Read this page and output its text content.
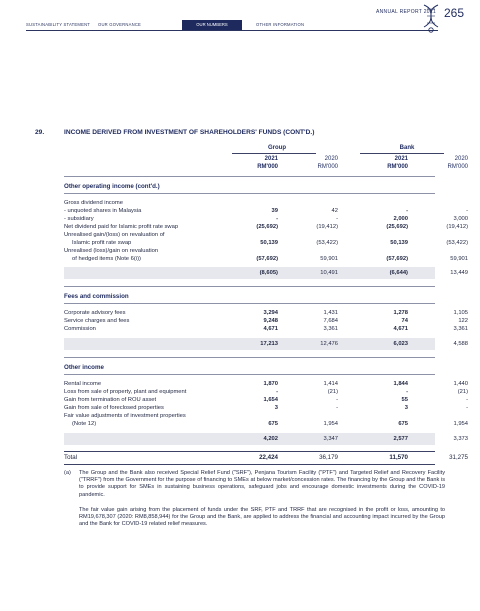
SUSTAINABILITY STATEMENT OUR GOVERNANCE	OUR NUMBERS	OTHER INFORMATION
ANNUAL REPORT 2021 265
29.	INCOME DERIVED FROM INVESTMENT OF SHAREHOLDERS' FUNDS (CONT'D.)
Group	Bank
2021	2020	2021	2020
RM'000	RM'000	RM'000	RM'000
Other operating income (cont'd.)
Gross dividend income
- unquoted shares in Malaysia	39	42	-	-
- subsidiary	-	-	2,000	3,000
Net dividend paid for Islamic profit rate swap	(25,692)	(19,412)	(25,692)	(19,412)
Unrealised gain/(loss) on revaluation of
Islamic profit rate swap	50,139	(53,422)	50,139	(53,422)
Unrealised (loss)/gain on revaluation
of hedged items (Note 6(i))	(57,692)	59,901	(57,692)	59,901
(8,605)	10,491	(6,644)	13,449
Fees and commission
Corporate advisory fees	3,294	1,431	1,278	1,105
Service charges and fees	9,248	7,684	74	122
Commission	4,671	3,361	4,671	3,361
17,213	12,476	6,023	4,588
Other income
Rental income	1,870	1,414	1,844	1,440
Loss from sale of property, plant and equipment	-	(21)	-	(21)
Gain from termination of ROU asset	1,654	-	55	-
Gain from sale of foreclosed properties	3	-	3	-
Fair value adjustments of investment properties
(Note 12)	675	1,954	675	1,954
4,202	3,347	2,577	3,373
Total	22,424	36,179	11,570	31,275
(a) The Group and the Bank also received Special Relief Fund ("SRF"), Penjana Tourism Facility ("PTF") and Targeted Relief and Recovery Facility ("TRRF") from the Government for the purpose of financing to SMEs at below market/concession rates. The financing by the Group and the Bank is to provide support for SMEs in sustaining business operations, safeguard jobs and encourage domestic investments during the COVID-19 pandemic.
The fair value gain arising from the placement of funds under the SRF, PTF and TRRF that are recognised in the profit or loss, amounting to RM19,678,307 (2020: RM8,858,944) for the Group and the Bank, are applied to address the financial and accounting impact incurred by the Group and the Bank for COVID-19 related relief measures.
